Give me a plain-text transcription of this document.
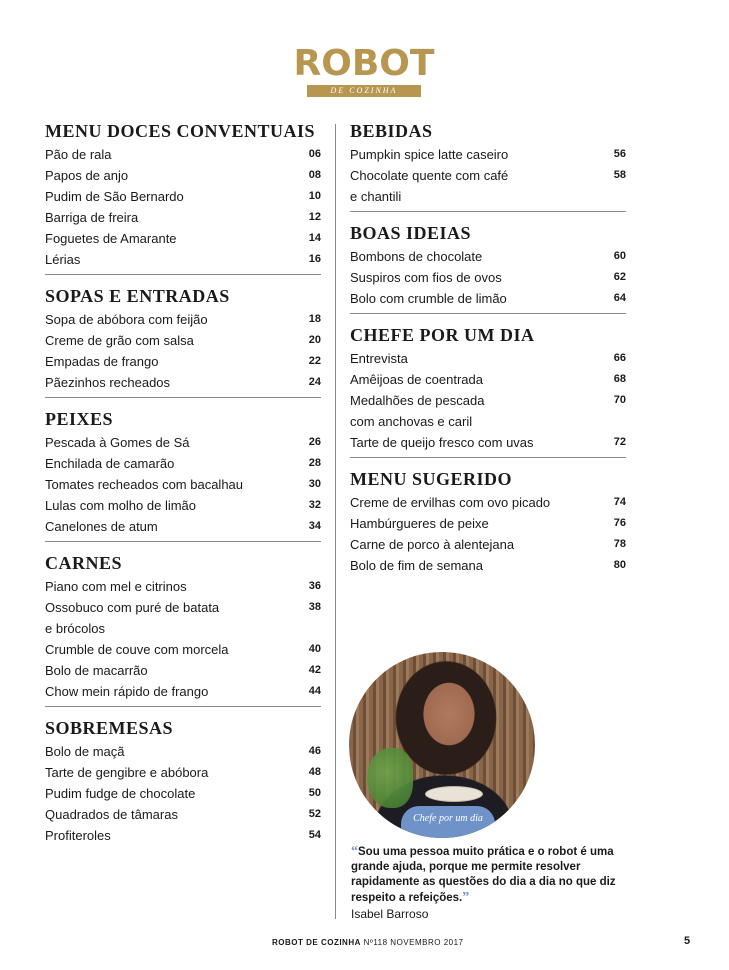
ROBOT
DE COZINHA
MENU DOCES CONVENTUAIS
Pão de rala	06
Papos de anjo	08
Pudim de São Bernardo	10
Barriga de freira	12
Foguetes de Amarante	14
Lérias	16
SOPAS E ENTRADAS
Sopa de abóbora com feijão	18
Creme de grão com salsa	20
Empadas de frango	22
Pãezinhos recheados	24
PEIXES
Pescada à Gomes de Sá	26
Enchilada de camarão	28
Tomates recheados com bacalhau	30
Lulas com molho de limão	32
Canelones de atum	34
CARNES
Piano com mel e citrinos	36
Ossobuco com puré de batata	38
e brócolos
Crumble de couve com morcela	40
Bolo de macarrão	42
Chow mein rápido de frango	44
SOBREMESAS
Bolo de maçã	46
Tarte de gengibre e abóbora	48
Pudim fudge de chocolate	50
Quadrados de tâmaras	52
Profiteroles	54
BEBIDAS
Pumpkin spice latte caseiro	56
Chocolate quente com café	58
e chantili
BOAS IDEIAS
Bombons de chocolate	60
Suspiros com fios de ovos	62
Bolo com crumble de limão	64
CHEFE POR UM DIA
Entrevista	66
Amêijoas de coentrada	68
Medalhões de pescada	70
com anchovas e caril
Tarte de queijo fresco com uvas	72
MENU SUGERIDO
Creme de ervilhas com ovo picado	74
Hambúrgueres de peixe	76
Carne de porco à alentejana	78
Bolo de fim de semana	80
Chefe por um dia
“Sou uma pessoa muito prática e o robot é uma grande ajuda, porque me permite resolver rapidamente as questões do dia a dia no que diz respeito a refeições.”
Isabel Barroso
ROBOT DE COZINHA Nº118 NOVEMBRO 2017	5
